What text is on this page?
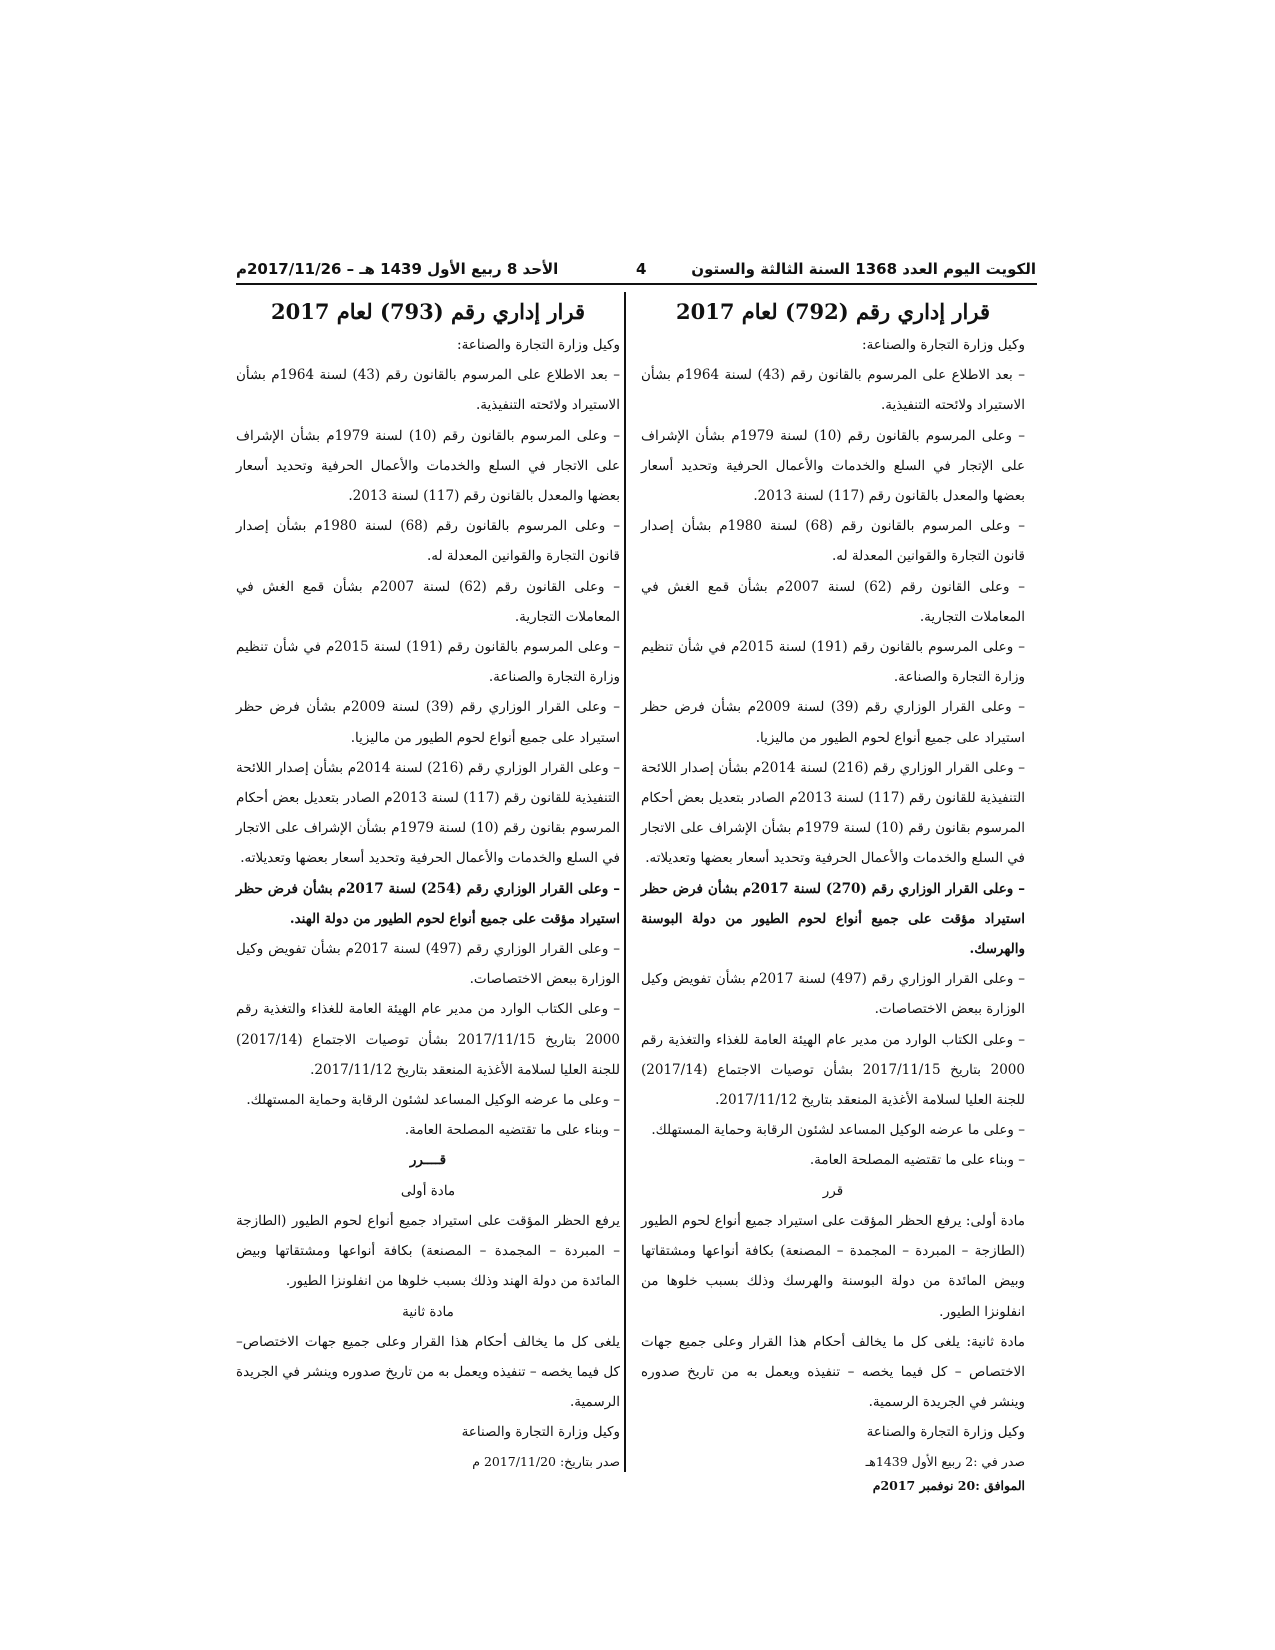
الكويت اليوم العدد 1368 السنة الثالثة والستون
4
الأحد 8 ربيع الأول 1439 هـ – 2017/11/26م

قرار إداري رقم (792) لعام 2017

وكيل وزارة التجارة والصناعة:

– بعد الاطلاع على المرسوم بالقانون رقم (43) لسنة 1964م بشأن الاستيراد ولائحته التنفيذية.

– وعلى المرسوم بالقانون رقم (10) لسنة 1979م بشأن الإشراف على الإتجار في السلع والخدمات والأعمال الحرفية وتحديد أسعار بعضها والمعدل بالقانون رقم (117) لسنة 2013.

– وعلى المرسوم بالقانون رقم (68) لسنة 1980م بشأن إصدار قانون التجارة والقوانين المعدلة له.

– وعلى القانون رقم (62) لسنة 2007م بشأن قمع الغش في المعاملات التجارية.

– وعلى المرسوم بالقانون رقم (191) لسنة 2015م في شأن تنظيم وزارة التجارة والصناعة.

– وعلى القرار الوزاري رقم (39) لسنة 2009م بشأن فرض حظر استيراد على جميع أنواع لحوم الطيور من ماليزيا.

– وعلى القرار الوزاري رقم (216) لسنة 2014م بشأن إصدار اللائحة التنفيذية للقانون رقم (117) لسنة 2013م الصادر بتعديل بعض أحكام المرسوم بقانون رقم (10) لسنة 1979م بشأن الإشراف على الاتجار في السلع والخدمات والأعمال الحرفية وتحديد أسعار بعضها وتعديلاته.

– وعلى القرار الوزاري رقم (270) لسنة 2017م بشأن فرض حظر استيراد مؤقت على جميع أنواع لحوم الطيور من دولة البوسنة والهرسك.

– وعلى القرار الوزاري رقم (497) لسنة 2017م بشأن تفويض وكيل الوزارة ببعض الاختصاصات.

– وعلى الكتاب الوارد من مدير عام الهيئة العامة للغذاء والتغذية رقم 2000 بتاريخ 2017/11/15 بشأن توصيات الاجتماع (2017/14) للجنة العليا لسلامة الأغذية المنعقد بتاريخ 2017/11/12.

– وعلى ما عرضه الوكيل المساعد لشئون الرقابة وحماية المستهلك.

– وبناء على ما تقتضيه المصلحة العامة.

قرر

مادة أولى: يرفع الحظر المؤقت على استيراد جميع أنواع لحوم الطيور (الطازجة – المبردة – المجمدة – المصنعة) بكافة أنواعها ومشتقاتها وبيض المائدة من دولة البوسنة والهرسك وذلك بسبب خلوها من انفلونزا الطيور.

مادة ثانية: يلغى كل ما يخالف أحكام هذا القرار وعلى جميع جهات الاختصاص – كل فيما يخصه – تنفيذه ويعمل به من تاريخ صدوره وينشر في الجريدة الرسمية.

وكيل وزارة التجارة والصناعة

صدر في :2 ربيع الأول 1439هـ

الموافق :20 نوفمبر 2017م

قرار إداري رقم (793) لعام 2017

وكيل وزارة التجارة والصناعة:

– بعد الاطلاع على المرسوم بالقانون رقم (43) لسنة 1964م بشأن الاستيراد ولائحته التنفيذية.

– وعلى المرسوم بالقانون رقم (10) لسنة 1979م بشأن الإشراف على الاتجار في السلع والخدمات والأعمال الحرفية وتحديد أسعار بعضها والمعدل بالقانون رقم (117) لسنة 2013.

– وعلى المرسوم بالقانون رقم (68) لسنة 1980م بشأن إصدار قانون التجارة والقوانين المعدلة له.

– وعلى القانون رقم (62) لسنة 2007م بشأن قمع الغش في المعاملات التجارية.

– وعلى المرسوم بالقانون رقم (191) لسنة 2015م في شأن تنظيم وزارة التجارة والصناعة.

– وعلى القرار الوزاري رقم (39) لسنة 2009م بشأن فرض حظر استيراد على جميع أنواع لحوم الطيور من ماليزيا.

– وعلى القرار الوزاري رقم (216) لسنة 2014م بشأن إصدار اللائحة التنفيذية للقانون رقم (117) لسنة 2013م الصادر بتعديل بعض أحكام المرسوم بقانون رقم (10) لسنة 1979م بشأن الإشراف على الاتجار في السلع والخدمات والأعمال الحرفية وتحديد أسعار بعضها وتعديلاته.

– وعلى القرار الوزاري رقم (254) لسنة 2017م بشأن فرض حظر استيراد مؤقت على جميع أنواع لحوم الطيور من دولة الهند.

– وعلى القرار الوزاري رقم (497) لسنة 2017م بشأن تفويض وكيل الوزارة ببعض الاختصاصات.

– وعلى الكتاب الوارد من مدير عام الهيئة العامة للغذاء والتغذية رقم 2000 بتاريخ 2017/11/15 بشأن توصيات الاجتماع (2017/14) للجنة العليا لسلامة الأغذية المنعقد بتاريخ 2017/11/12.

– وعلى ما عرضه الوكيل المساعد لشئون الرقابة وحماية المستهلك.

– وبناء على ما تقتضيه المصلحة العامة.

قــــرر

مادة أولى

يرفع الحظر المؤقت على استيراد جميع أنواع لحوم الطيور (الطازجة – المبردة – المجمدة – المصنعة) بكافة أنواعها ومشتقاتها وبيض المائدة من دولة الهند وذلك بسبب خلوها من انفلونزا الطيور.

مادة ثانية

يلغى كل ما يخالف أحكام هذا القرار وعلى جميع جهات الاختصاص– كل فيما يخصه – تنفيذه ويعمل به من تاريخ صدوره وينشر في الجريدة الرسمية.

وكيل وزارة التجارة والصناعة

صدر بتاريخ: 2017/11/20 م
